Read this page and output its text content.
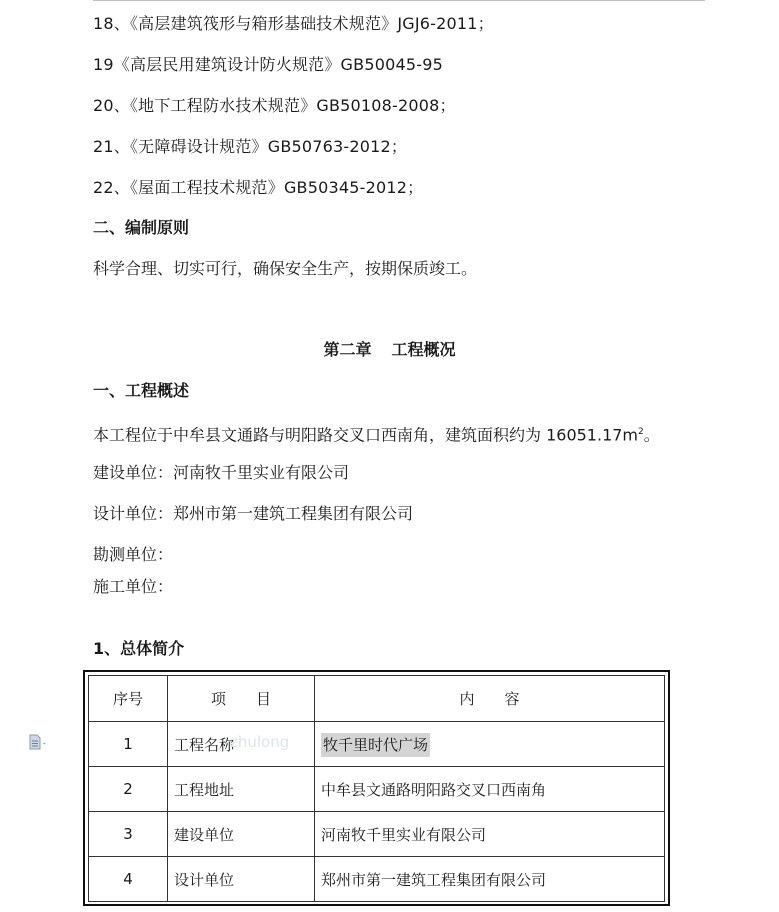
18、《高层建筑筏形与箱形基础技术规范》JGJ6-2011；
19《高层民用建筑设计防火规范》GB50045-95
20、《地下工程防水技术规范》GB50108-2008；
21、《无障碍设计规范》GB50763-2012；
22、《屋面工程技术规范》GB50345-2012；
二、编制原则
科学合理、切实可行，确保安全生产，按期保质竣工。
第二章 工程概况
一、工程概述
本工程位于中牟县文通路与明阳路交叉口西南角，建筑面积约为 $16051.17m^2$。
建设单位：河南牧千里实业有限公司
设计单位：郑州市第一建筑工程集团有限公司
勘测单位：
施工单位：
1、总体简介
序号	项　　目	内　　容
1	工程名称	牧千里时代广场
2	工程地址	中牟县文通路明阳路交叉口西南角
3	建设单位	河南牧千里实业有限公司
4	设计单位	郑州市第一建筑工程集团有限公司
zhulong
